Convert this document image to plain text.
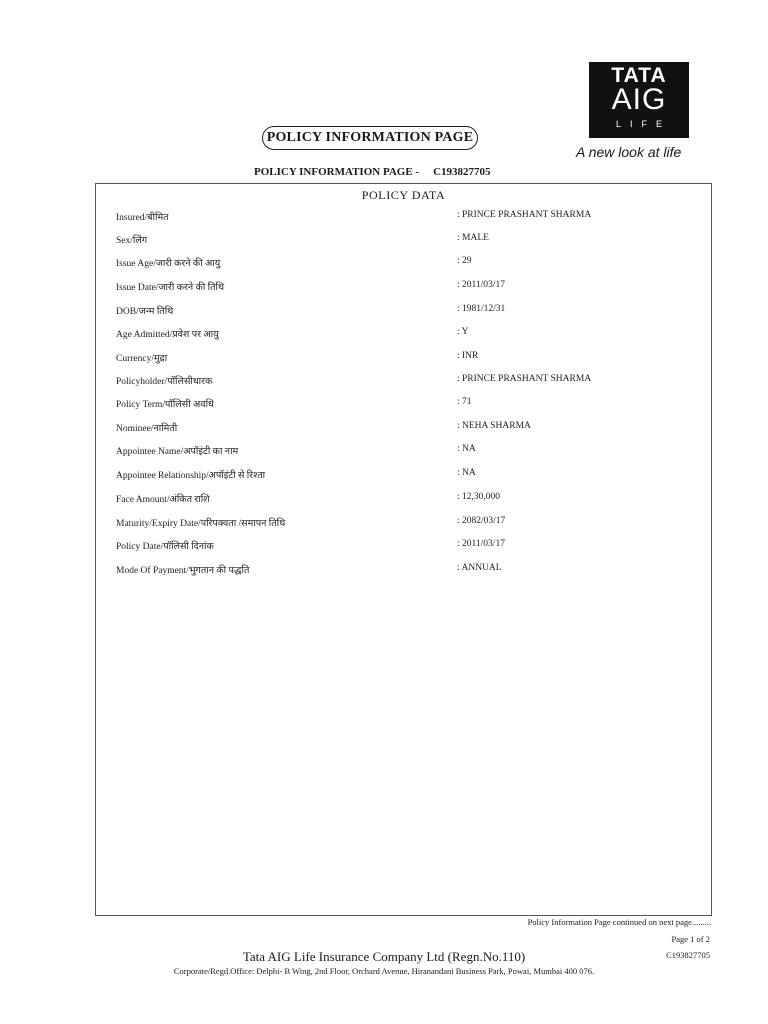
TATA
AIG
LIFE
A new look at life
POLICY INFORMATION PAGE
POLICY INFORMATION PAGE - C193827705
POLICY DATA
Insured/बीमित	: PRINCE PRASHANT SHARMA
Sex/लिंग	: MALE
Issue Age/जारी करने की आयु	: 29
Issue Date/जारी करने की तिथि	: 2011/03/17
DOB/जन्म तिथि	: 1981/12/31
Age Admitted/प्रवेश पर आयु	: Y
Currency/मुद्रा	: INR
Policyholder/पॉलिसीधारक	: PRINCE PRASHANT SHARMA
Policy Term/पॉलिसी अवधि	: 71
Nominee/नामिती	: NEHA SHARMA
Appointee Name/अपॉइंटी का नाम	: NA
Appointee Relationship/अपॉइंटी से रिश्ता	: NA
Face Amount/अंकित राशि	: 12,30,000
Maturity/Expiry Date/परिपक्वता /समापन तिथि	: 2082/03/17
Policy Date/पॉलिसी दिनांक	: 2011/03/17
Mode Of Payment/भुगतान की पद्धति	: ANNUAL
Policy Information Page continued on next page.........
Page 1 of 2
Tata AIG Life Insurance Company Ltd (Regn.No.110)	C193827705
Corporate/Regd.Office: Delphi- B Wing, 2nd Floor, Orchard Avenue, Hiranandani Business Park, Powai, Mumbai 400 076.
